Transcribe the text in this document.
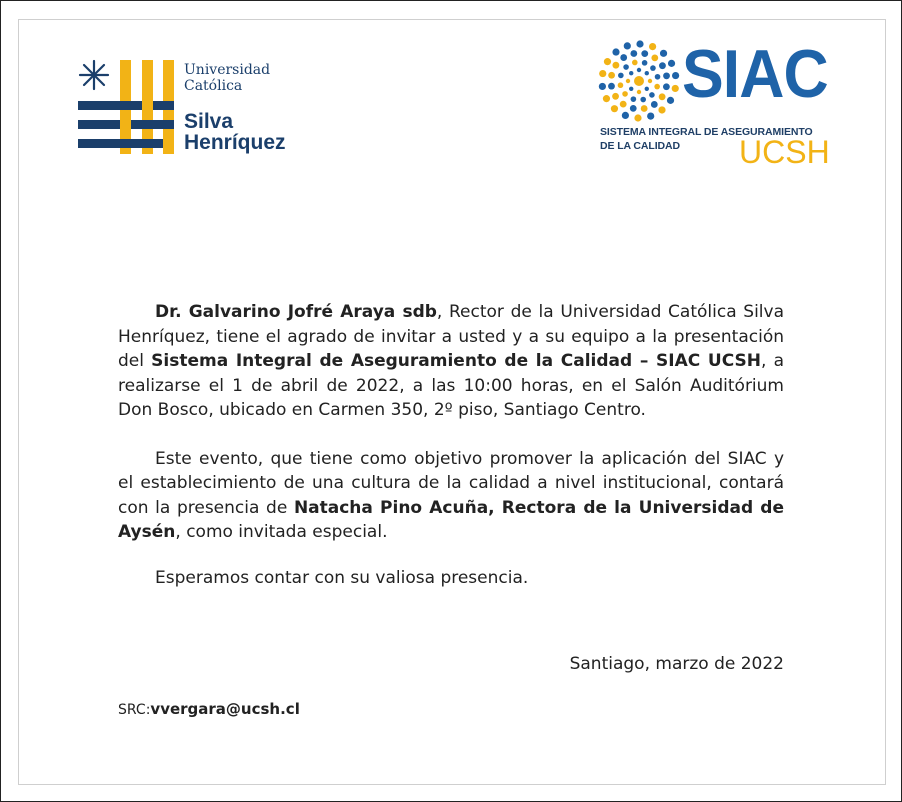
Universidad
Católica
Silva
Henríquez
SIAC
SISTEMA INTEGRAL DE ASEGURAMIENTO
DE LA CALIDAD UCSH

Dr. Galvarino Jofré Araya sdb, Rector de la Universidad Católica Silva Henríquez, tiene el agrado de invitar a usted y a su equipo a la presentación del Sistema Integral de Aseguramiento de la Calidad – SIAC UCSH, a realizarse el 1 de abril de 2022, a las 10:00 horas, en el Salón Auditórium Don Bosco, ubicado en Carmen 350, 2º piso, Santiago Centro.

Este evento, que tiene como objetivo promover la aplicación del SIAC y el establecimiento de una cultura de la calidad a nivel institucional, contará con la presencia de Natacha Pino Acuña, Rectora de la Universidad de Aysén, como invitada especial.

Esperamos contar con su valiosa presencia.
Santiago, marzo de 2022
SRC:vvergara@ucsh.cl
